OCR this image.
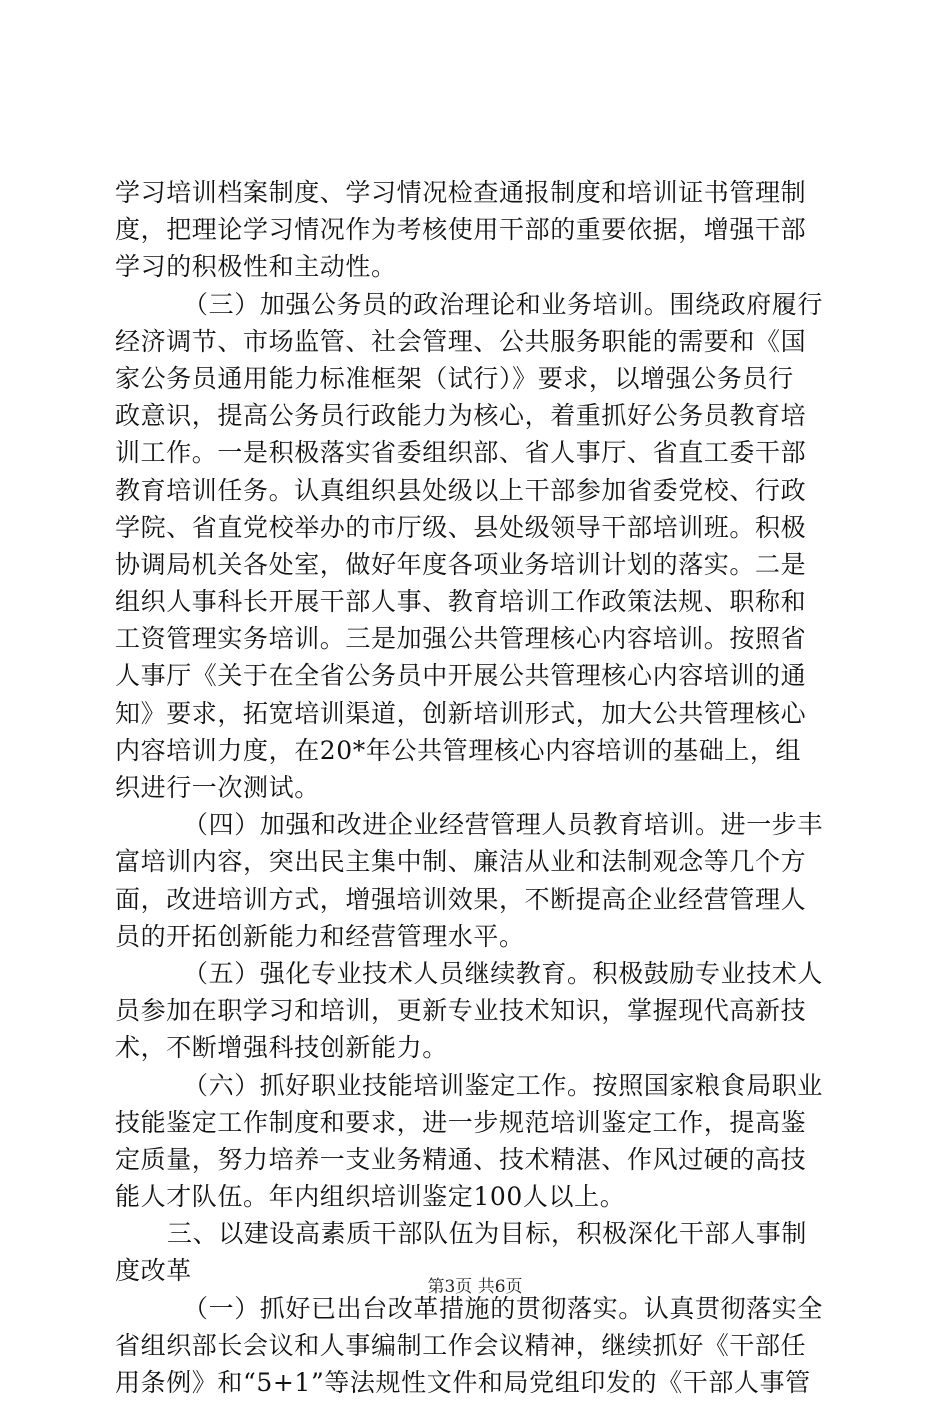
学习培训档案制度、学习情况检查通报制度和培训证书管理制
度，把理论学习情况作为考核使用干部的重要依据，增强干部
学习的积极性和主动性。
（三）加强公务员的政治理论和业务培训。围绕政府履行
经济调节、市场监管、社会管理、公共服务职能的需要和《国
家公务员通用能力标准框架（试行）》要求，以增强公务员行
政意识，提高公务员行政能力为核心，着重抓好公务员教育培
训工作。一是积极落实省委组织部、省人事厅、省直工委干部
教育培训任务。认真组织县处级以上干部参加省委党校、行政
学院、省直党校举办的市厅级、县处级领导干部培训班。积极
协调局机关各处室，做好年度各项业务培训计划的落实。二是
组织人事科长开展干部人事、教育培训工作政策法规、职称和
工资管理实务培训。三是加强公共管理核心内容培训。按照省
人事厅《关于在全省公务员中开展公共管理核心内容培训的通
知》要求，拓宽培训渠道，创新培训形式，加大公共管理核心
内容培训力度，在20*年公共管理核心内容培训的基础上，组
织进行一次测试。
（四）加强和改进企业经营管理人员教育培训。进一步丰
富培训内容，突出民主集中制、廉洁从业和法制观念等几个方
面，改进培训方式，增强培训效果，不断提高企业经营管理人
员的开拓创新能力和经营管理水平。
（五）强化专业技术人员继续教育。积极鼓励专业技术人
员参加在职学习和培训，更新专业技术知识，掌握现代高新技
术，不断增强科技创新能力。
（六）抓好职业技能培训鉴定工作。按照国家粮食局职业
技能鉴定工作制度和要求，进一步规范培训鉴定工作，提高鉴
定质量，努力培养一支业务精通、技术精湛、作风过硬的高技
能人才队伍。年内组织培训鉴定100人以上。
三、以建设高素质干部队伍为目标，积极深化干部人事制
度改革
（一）抓好已出台改革措施的贯彻落实。认真贯彻落实全
省组织部长会议和人事编制工作会议精神，继续抓好《干部任
用条例》和“5+1”等法规性文件和局党组印发的《干部人事管
第3页 共6页
